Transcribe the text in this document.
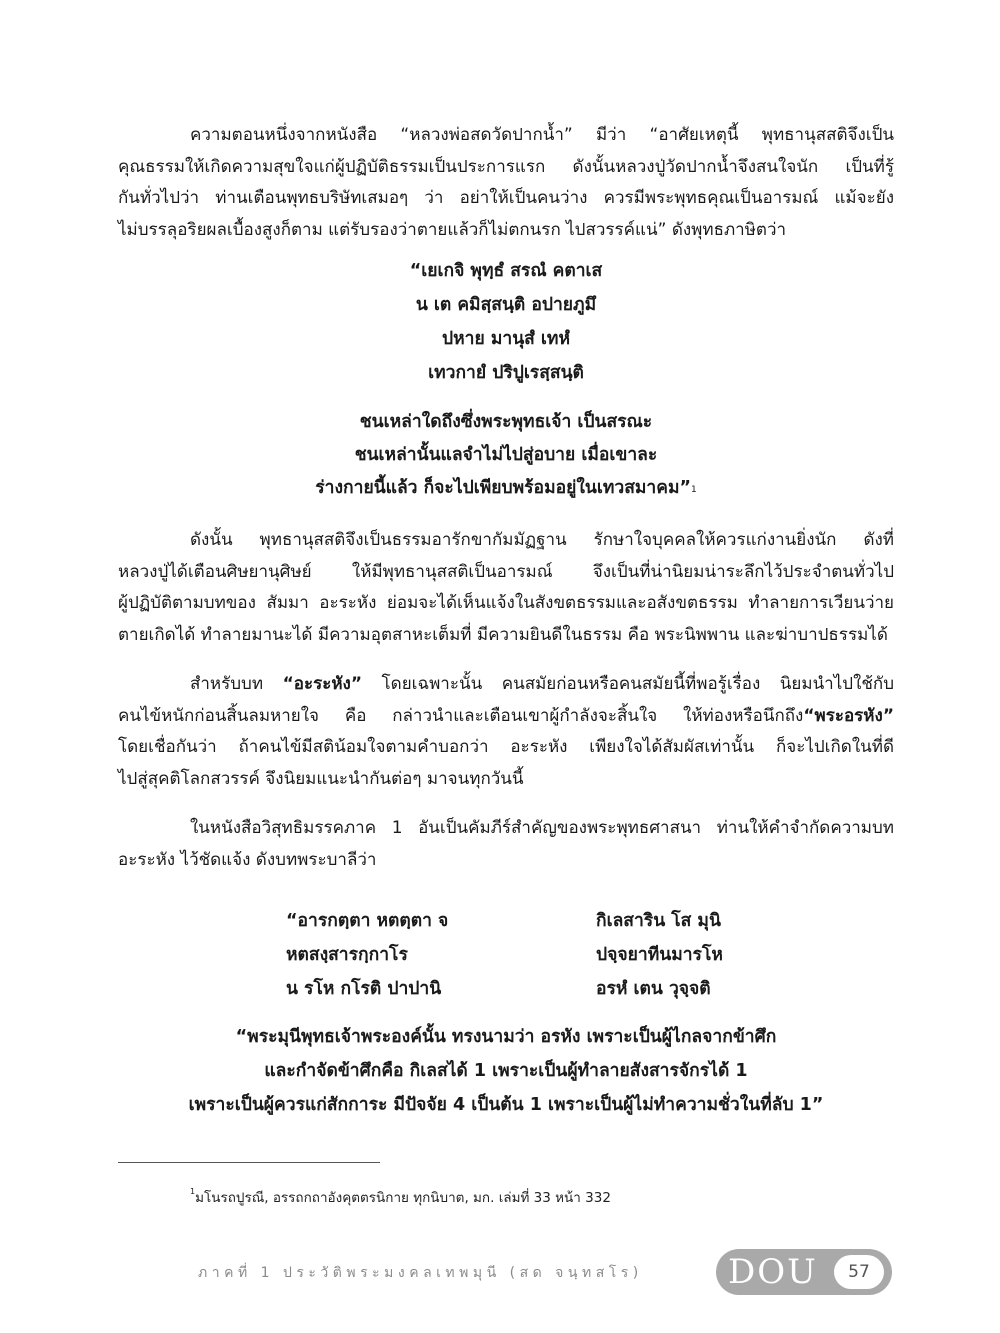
ความตอนหนึ่งจากหนังสือ “หลวงพ่อสดวัดปากน้ำ” มีว่า “อาศัยเหตุนี้ พุทธานุสสติจึงเป็น
คุณธรรมให้เกิดความสุขใจแก่ผู้ปฏิบัติธรรมเป็นประการแรก ดังนั้นหลวงปู่วัดปากน้ำจึงสนใจนัก เป็นที่รู้
กันทั่วไปว่า ท่านเตือนพุทธบริษัทเสมอๆ ว่า อย่าให้เป็นคนว่าง ควรมีพระพุทธคุณเป็นอารมณ์ แม้จะยัง
ไม่บรรลุอริยผลเบื้องสูงก็ตาม แต่รับรองว่าตายแล้วก็ไม่ตกนรก ไปสวรรค์แน่” ดังพุทธภาษิตว่า

“เยเกจิ พุทฺธํ สรณํ คตาเส
น เต คมิสฺสนฺติ อปายภูมึ
ปหาย มานุสํ เทหํ
เทวกายํ ปริปูเรสฺสนฺติ
ชนเหล่าใดถึงซึ่งพระพุทธเจ้า เป็นสรณะ
ชนเหล่านั้นแลจำไม่ไปสู่อบาย เมื่อเขาละ
ร่างกายนี้แล้ว ก็จะไปเพียบพร้อมอยู่ในเทวสมาคม”$^1$

ดังนั้น พุทธานุสสติจึงเป็นธรรมอารักขากัมมัฏฐาน รักษาใจบุคคลให้ควรแก่งานยิ่งนัก ดังที่
หลวงปู่ได้เตือนศิษยานุศิษย์ ให้มีพุทธานุสสติเป็นอารมณ์ จึงเป็นที่น่านิยมน่าระลึกไว้ประจำตนทั่วไป
ผู้ปฏิบัติตามบทของ สัมมา อะระหัง ย่อมจะได้เห็นแจ้งในสังขตธรรมและอสังขตธรรม ทำลายการเวียนว่าย
ตายเกิดได้ ทำลายมานะได้ มีความอุตสาหะเต็มที่ มีความยินดีในธรรม คือ พระนิพพาน และฆ่าบาปธรรมได้

สำหรับบท “อะระหัง” โดยเฉพาะนั้น คนสมัยก่อนหรือคนสมัยนี้ที่พอรู้เรื่อง นิยมนำไปใช้กับ
คนไข้หนักก่อนสิ้นลมหายใจ คือ กล่าวนำและเตือนเขาผู้กำลังจะสิ้นใจ ให้ท่องหรือนึกถึง“พระอรหัง”
โดยเชื่อกันว่า ถ้าคนไข้มีสติน้อมใจตามคำบอกว่า อะระหัง เพียงใจได้สัมผัสเท่านั้น ก็จะไปเกิดในที่ดี
ไปสู่สุคติโลกสวรรค์ จึงนิยมแนะนำกันต่อๆ มาจนทุกวันนี้

ในหนังสือวิสุทธิมรรคภาค 1 อันเป็นคัมภีร์สำคัญของพระพุทธศาสนา ท่านให้คำจำกัดความบท
อะระหัง ไว้ชัดแจ้ง ดังบทพระบาลีว่า

“อารกตฺตา หตตฺตา จ
หตสงฺสารกฺกาโร
น รโห กโรติ ปาปานิ
กิเลสาริน โส มุนิ
ปจฺจยาทีนมารโห
อรหํ เตน วุจฺจติ
“พระมุนีพุทธเจ้าพระองค์นั้น ทรงนามว่า อรหัง เพราะเป็นผู้ไกลจากข้าศึก
และกำจัดข้าศึกคือ กิเลสได้ 1 เพราะเป็นผู้ทำลายสังสารจักรได้ 1
เพราะเป็นผู้ควรแก่สักการะ มีปัจจัย 4 เป็นต้น 1 เพราะเป็นผู้ไม่ทำความชั่วในที่ลับ 1”
$^1$มโนรถปูรณี, อรรถกถาอังคุตตรนิกาย ทุกนิบาต, มก. เล่มที่ 33 หน้า 332
ภาคที่ 1 ประวัติพระมงคลเทพมุนี (สด จนฺทสโร)	DOU	57
